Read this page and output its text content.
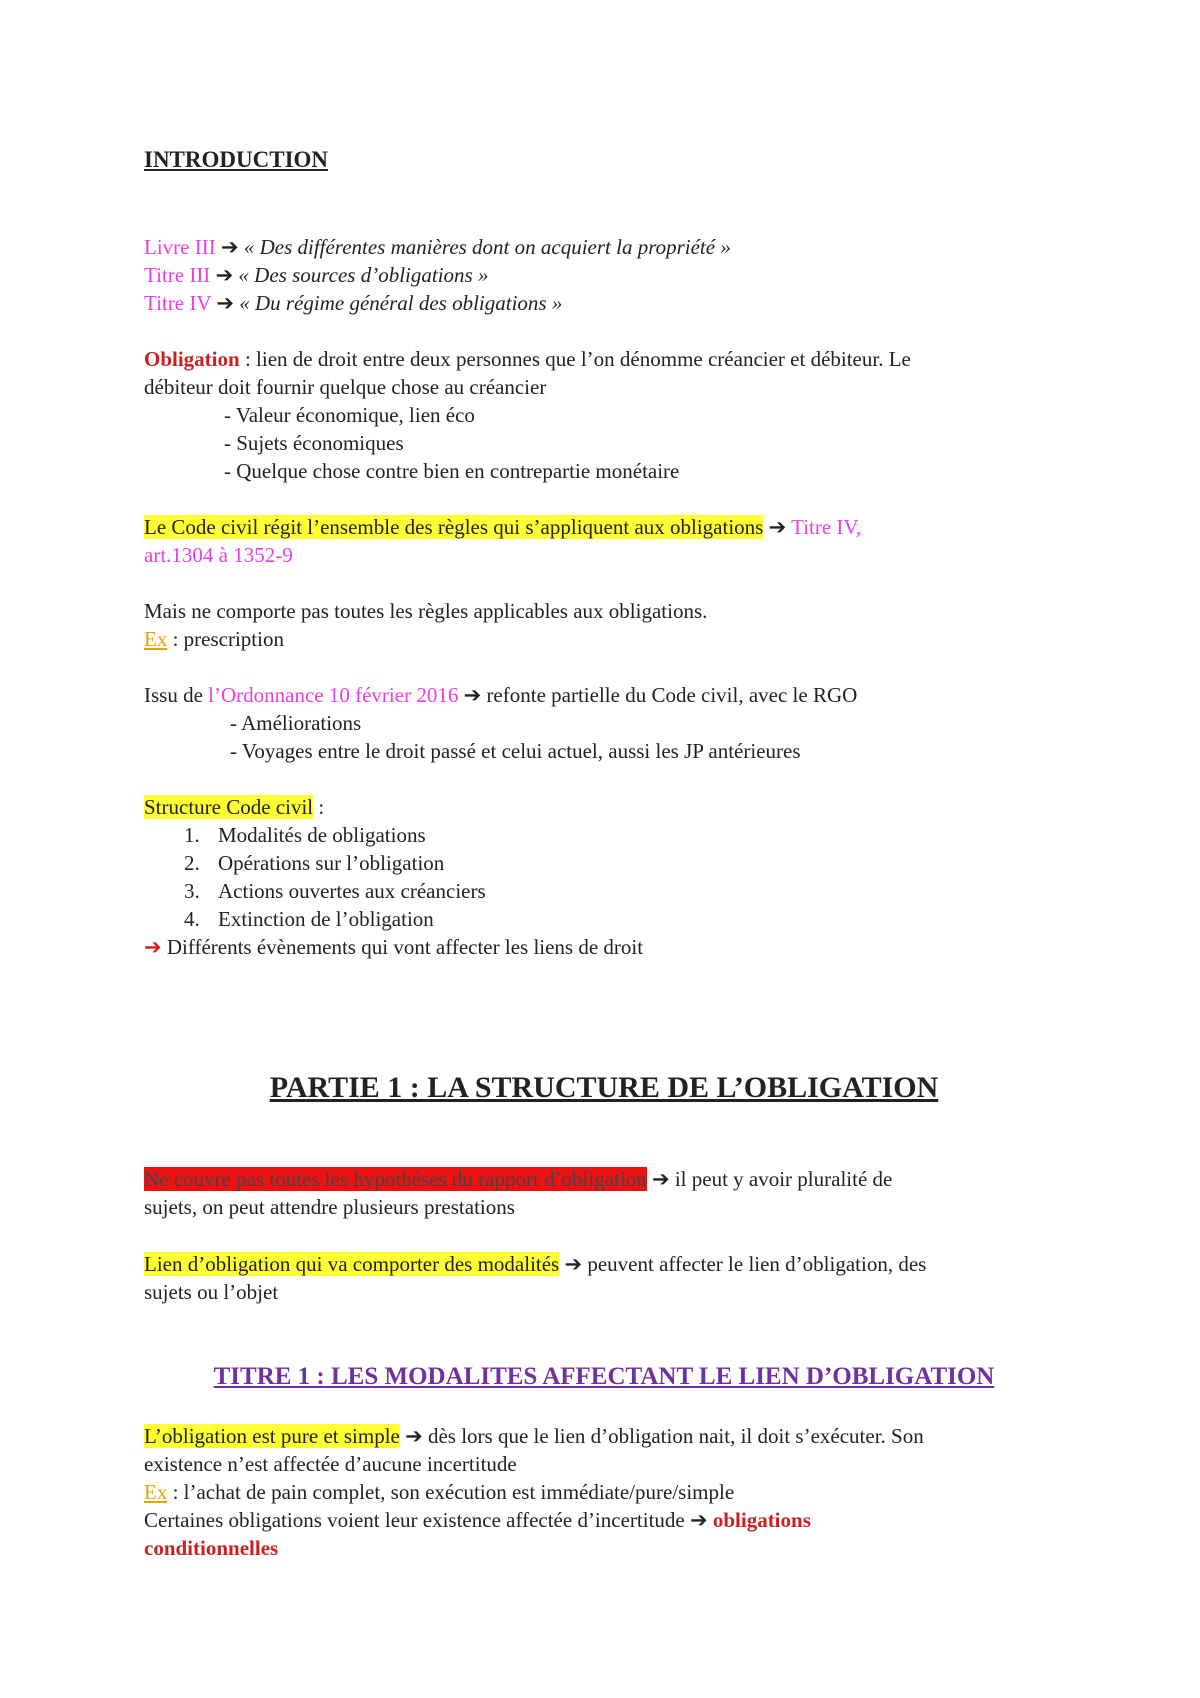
INTRODUCTION
Livre III ➔ « Des différentes manières dont on acquiert la propriété »
Titre III ➔ « Des sources d’obligations »
Titre IV ➔ « Du régime général des obligations »
Obligation : lien de droit entre deux personnes que l’on dénomme créancier et débiteur. Le
débiteur doit fournir quelque chose au créancier
- Valeur économique, lien éco
- Sujets économiques
- Quelque chose contre bien en contrepartie monétaire
Le Code civil régit l’ensemble des règles qui s’appliquent aux obligations ➔ Titre IV,
art.1304 à 1352-9
Mais ne comporte pas toutes les règles applicables aux obligations.
Ex : prescription
Issu de l’Ordonnance 10 février 2016 ➔ refonte partielle du Code civil, avec le RGO
- Améliorations
- Voyages entre le droit passé et celui actuel, aussi les JP antérieures
Structure Code civil :
1. Modalités de obligations
2. Opérations sur l’obligation
3. Actions ouvertes aux créanciers
4. Extinction de l’obligation
➔ Différents évènements qui vont affecter les liens de droit
PARTIE 1 : LA STRUCTURE DE L’OBLIGATION
Ne couvre pas toutes les hypothèses du rapport d’obligation ➔ il peut y avoir pluralité de
sujets, on peut attendre plusieurs prestations
Lien d’obligation qui va comporter des modalités ➔ peuvent affecter le lien d’obligation, des
sujets ou l’objet
TITRE 1 : LES MODALITES AFFECTANT LE LIEN D’OBLIGATION
L’obligation est pure et simple ➔ dès lors que le lien d’obligation nait, il doit s’exécuter. Son
existence n’est affectée d’aucune incertitude
Ex : l’achat de pain complet, son exécution est immédiate/pure/simple
Certaines obligations voient leur existence affectée d’incertitude ➔ obligations
conditionnelles
